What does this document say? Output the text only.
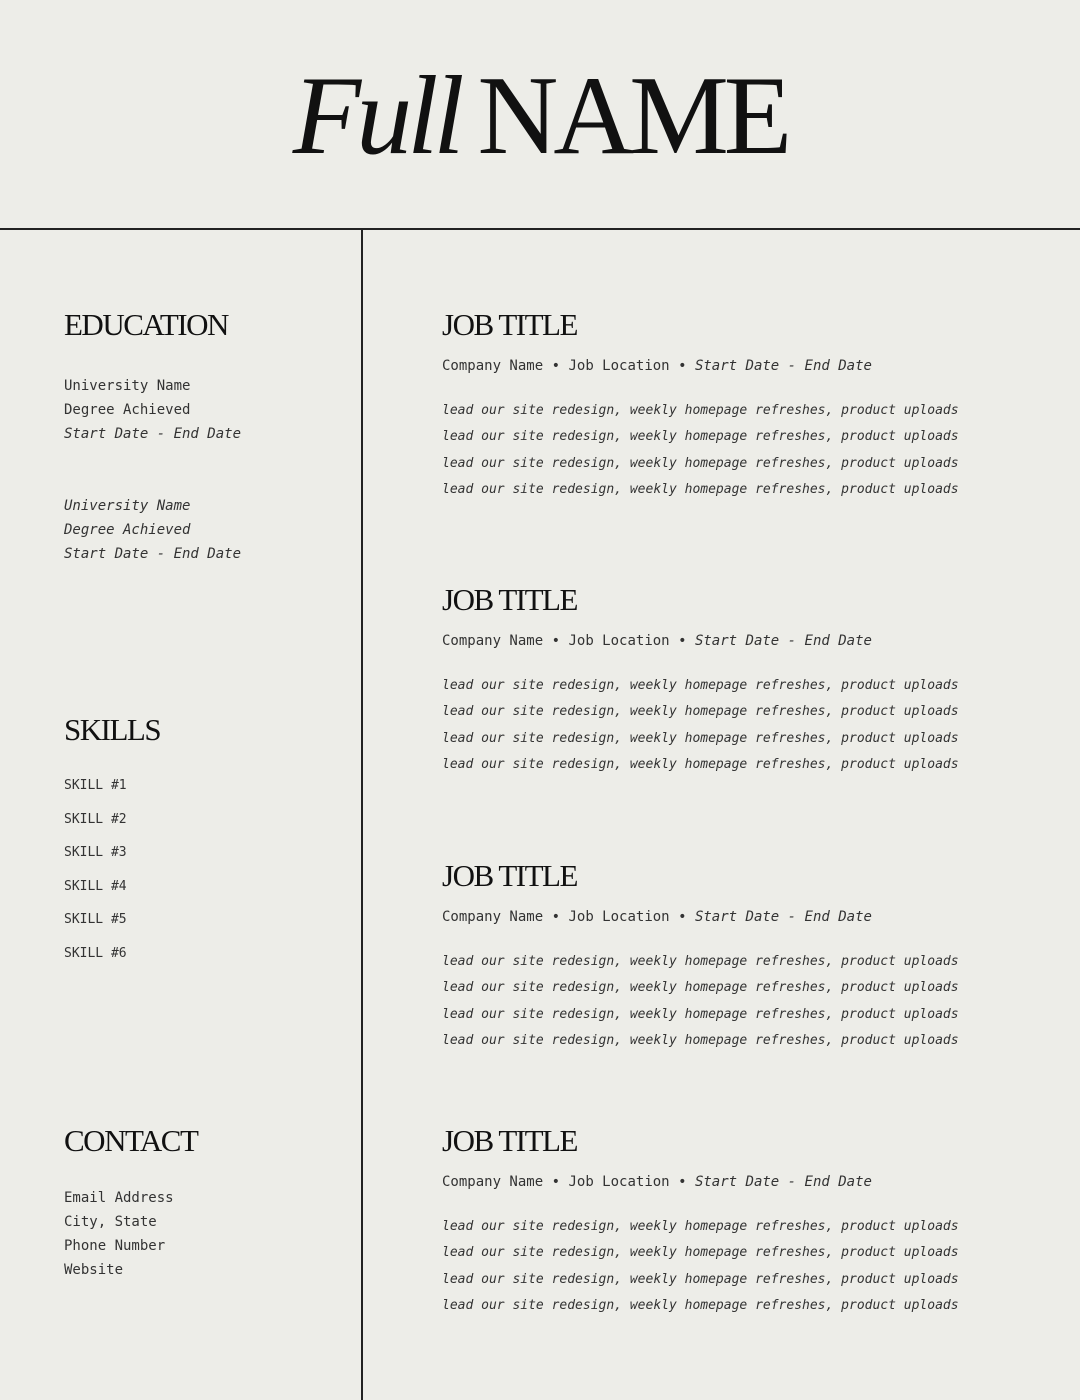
Full NAME
EDUCATION
University Name
Degree Achieved
Start Date - End Date
University Name
Degree Achieved
Start Date - End Date
SKILLS
SKILL #1
SKILL #2
SKILL #3
SKILL #4
SKILL #5
SKILL #6
CONTACT
Email Address
City, State
Phone Number
Website
JOB TITLE
Company Name • Job Location • Start Date - End Date
lead our site redesign, weekly homepage refreshes, product uploads
lead our site redesign, weekly homepage refreshes, product uploads
lead our site redesign, weekly homepage refreshes, product uploads
lead our site redesign, weekly homepage refreshes, product uploads
JOB TITLE
Company Name • Job Location • Start Date - End Date
lead our site redesign, weekly homepage refreshes, product uploads
lead our site redesign, weekly homepage refreshes, product uploads
lead our site redesign, weekly homepage refreshes, product uploads
lead our site redesign, weekly homepage refreshes, product uploads
JOB TITLE
Company Name • Job Location • Start Date - End Date
lead our site redesign, weekly homepage refreshes, product uploads
lead our site redesign, weekly homepage refreshes, product uploads
lead our site redesign, weekly homepage refreshes, product uploads
lead our site redesign, weekly homepage refreshes, product uploads
JOB TITLE
Company Name • Job Location • Start Date - End Date
lead our site redesign, weekly homepage refreshes, product uploads
lead our site redesign, weekly homepage refreshes, product uploads
lead our site redesign, weekly homepage refreshes, product uploads
lead our site redesign, weekly homepage refreshes, product uploads
